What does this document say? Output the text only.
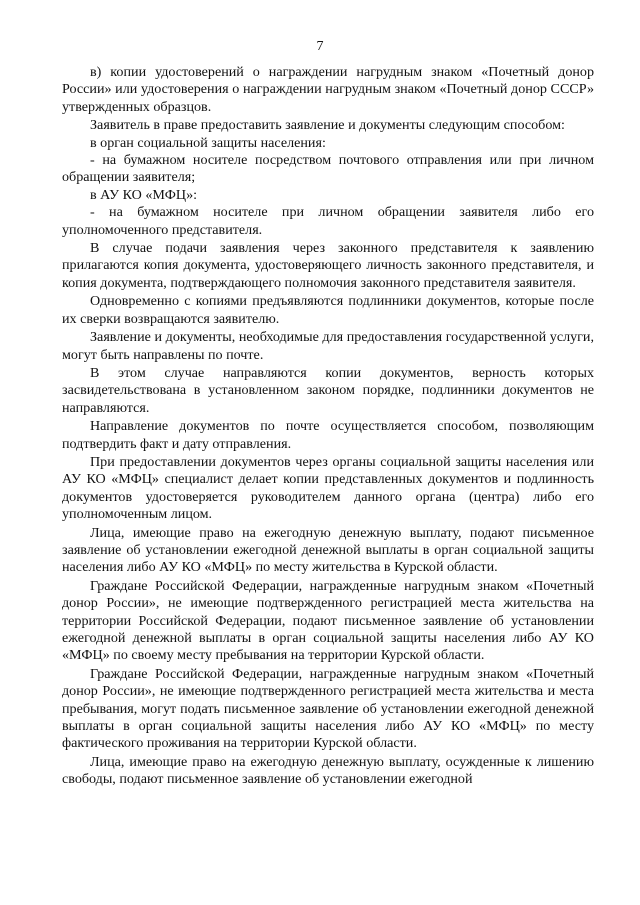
7

в) копии удостоверений о награждении нагрудным знаком «Почетный донор России» или удостоверения о награждении нагрудным знаком «Почетный донор СССР» утвержденных образцов.

Заявитель в праве предоставить заявление и документы следующим способом:

в орган социальной защиты населения:

- на бумажном носителе посредством почтового отправления или при личном обращении заявителя;

в АУ КО «МФЦ»:

- на бумажном носителе при личном обращении заявителя либо его уполномоченного представителя.

В случае подачи заявления через законного представителя к заявлению прилагаются копия документа, удостоверяющего личность законного представителя, и копия документа, подтверждающего полномочия законного представителя заявителя.

Одновременно с копиями предъявляются подлинники документов, которые после их сверки возвращаются заявителю.

Заявление и документы, необходимые для предоставления государственной услуги, могут быть направлены по почте.

В этом случае направляются копии документов, верность которых засвидетельствована в установленном законом порядке, подлинники документов не направляются.

Направление документов по почте осуществляется способом, позволяющим подтвердить факт и дату отправления.

При предоставлении документов через органы социальной защиты населения или АУ КО «МФЦ» специалист делает копии представленных документов и подлинность документов удостоверяется руководителем данного органа (центра) либо его уполномоченным лицом.

Лица, имеющие право на ежегодную денежную выплату, подают письменное заявление об установлении ежегодной денежной выплаты в орган социальной защиты населения либо АУ КО «МФЦ» по месту жительства в Курской области.

Граждане Российской Федерации, награжденные нагрудным знаком «Почетный донор России», не имеющие подтвержденного регистрацией места жительства на территории Российской Федерации, подают письменное заявление об установлении ежегодной денежной выплаты в орган социальной защиты населения либо АУ КО «МФЦ» по своему месту пребывания на территории Курской области.

Граждане Российской Федерации, награжденные нагрудным знаком «Почетный донор России», не имеющие подтвержденного регистрацией места жительства и места пребывания, могут подать письменное заявление об установлении ежегодной денежной выплаты в орган социальной защиты населения либо АУ КО «МФЦ» по месту фактического проживания на территории Курской области.

Лица, имеющие право на ежегодную денежную выплату, осужденные к лишению свободы, подают письменное заявление об установлении ежегодной
